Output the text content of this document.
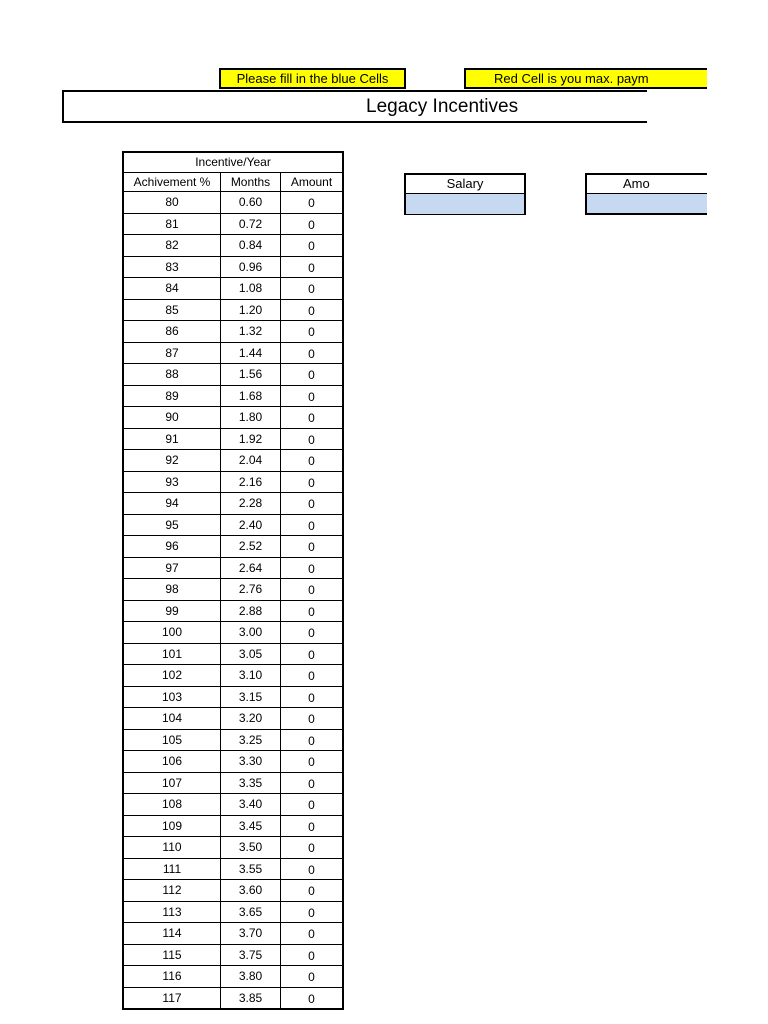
Please fill in the blue Cells	Red Cell is you max. paym
Legacy Incentives
Incentive/Year		
Achivement %	Months	Amount
80	0.60	0
81	0.72	0
82	0.84	0
83	0.96	0
84	1.08	0
85	1.20	0
86	1.32	0
87	1.44	0
88	1.56	0
89	1.68	0
90	1.80	0
91	1.92	0
92	2.04	0
93	2.16	0
94	2.28	0
95	2.40	0
96	2.52	0
97	2.64	0
98	2.76	0
99	2.88	0
100	3.00	0
101	3.05	0
102	3.10	0
103	3.15	0
104	3.20	0
105	3.25	0
106	3.30	0
107	3.35	0
108	3.40	0
109	3.45	0
110	3.50	0
111	3.55	0
112	3.60	0
113	3.65	0
114	3.70	0
115	3.75	0
116	3.80	0
117	3.85	0
Salary	Amo
